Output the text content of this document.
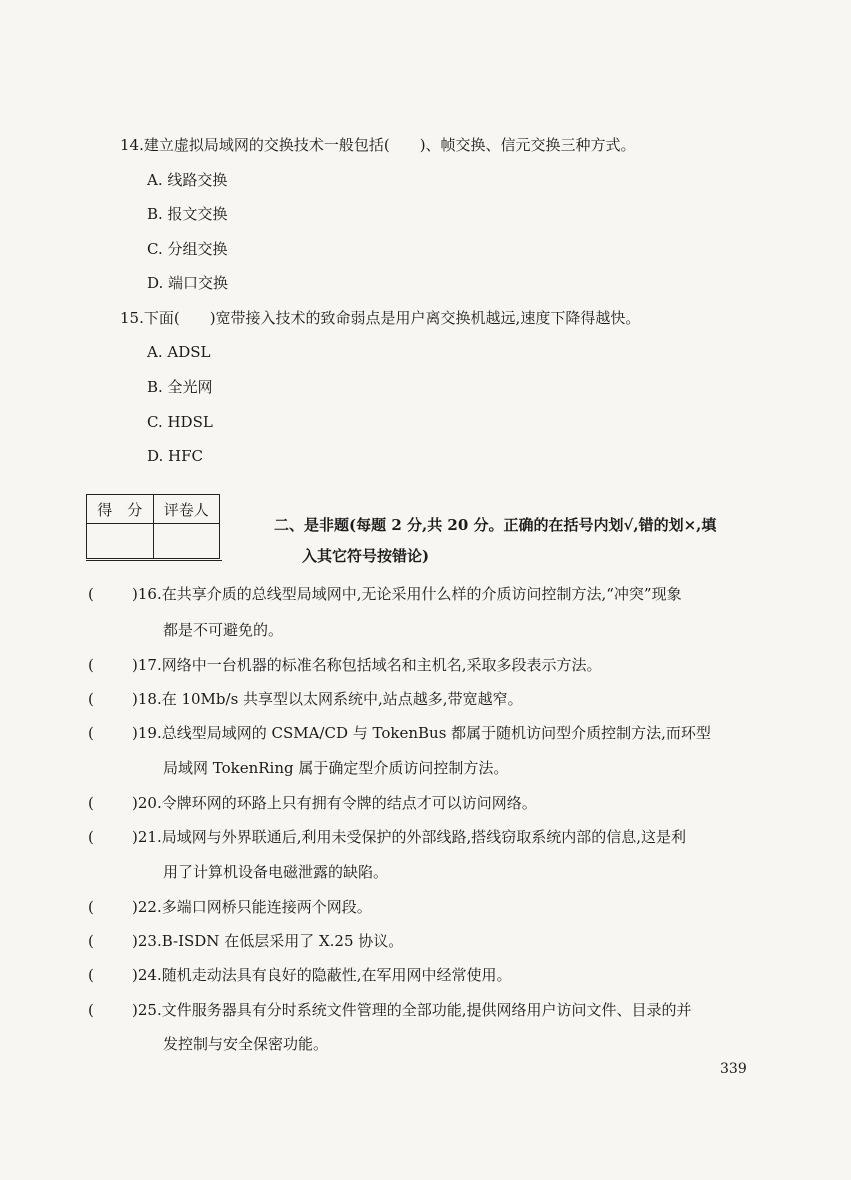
14.建立虚拟局域网的交换技术一般包括(　　)、帧交换、信元交换三种方式。
A. 线路交换
B. 报文交换
C. 分组交换
D. 端口交换
15.下面(　　)宽带接入技术的致命弱点是用户离交换机越远,速度下降得越快。
A. ADSL
B. 全光网
C. HDSL
D. HFC
得　分	评卷人

二、是非题(每题 2 分,共 20 分。正确的在括号内划√,错的划×,填
入其它符号按错论)
(	)16.在共享介质的总线型局域网中,无论采用什么样的介质访问控制方法,“冲突”现象
都是不可避免的。
(	)17.网络中一台机器的标准名称包括域名和主机名,采取多段表示方法。
(	)18.在 10Mb/s 共享型以太网系统中,站点越多,带宽越窄。
(	)19.总线型局域网的 CSMA/CD 与 TokenBus 都属于随机访问型介质控制方法,而环型
局域网 TokenRing 属于确定型介质访问控制方法。
(	)20.令牌环网的环路上只有拥有令牌的结点才可以访问网络。
(	)21.局域网与外界联通后,利用未受保护的外部线路,搭线窃取系统内部的信息,这是利
用了计算机设备电磁泄露的缺陷。
(	)22.多端口网桥只能连接两个网段。
(	)23.B-ISDN 在低层采用了 X.25 协议。
(	)24.随机走动法具有良好的隐蔽性,在军用网中经常使用。
(	)25.文件服务器具有分时系统文件管理的全部功能,提供网络用户访问文件、目录的并
发控制与安全保密功能。
339
